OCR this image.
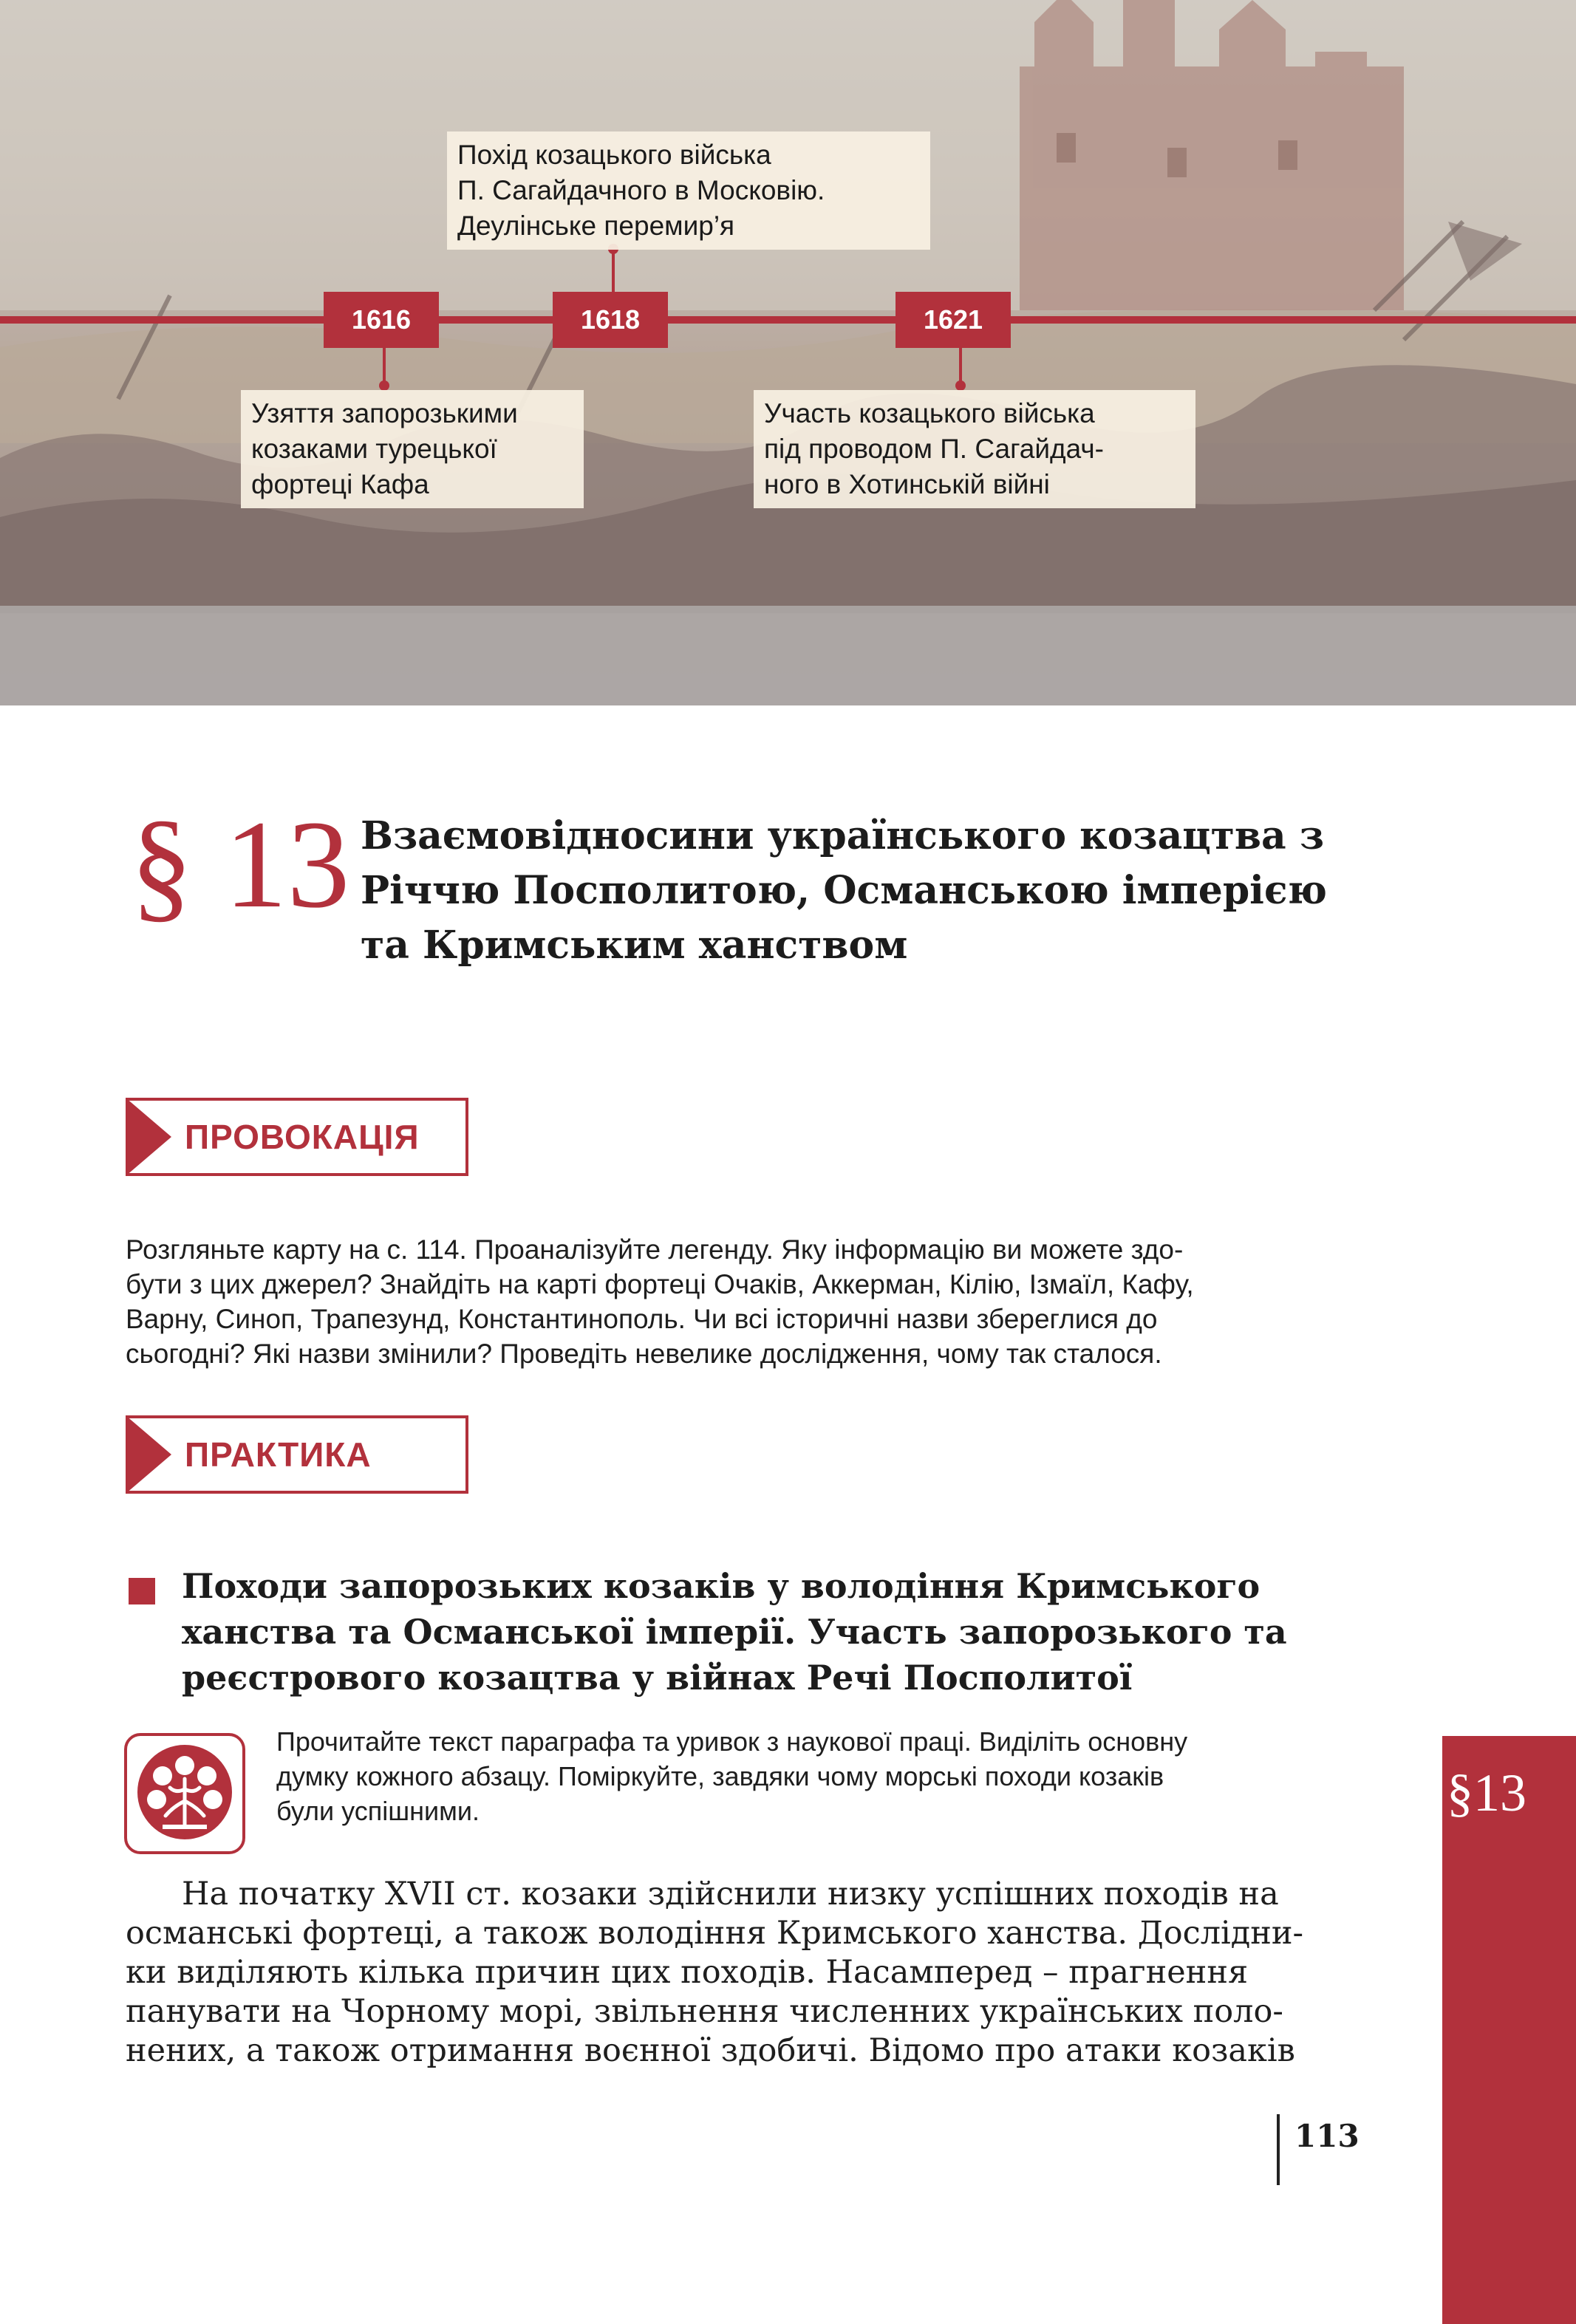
1616
Узяття запорозькими
козаками турецької
фортеці Кафа
1618
Похід козацького війська
П. Сагайдачного в Московію.
Деулінське перемир’я
1621
Участь козацького війська
під проводом П. Сагайдач-
ного в Хотинській війні
§ 13 Взаємовідносини українського козацтва з
Річчю Посполитою, Османською імперією
та Кримським ханством
ПРОВОКАЦІЯ
Розгляньте карту на с. 114. Проаналізуйте легенду. Яку інформацію ви можете здо-
бути з цих джерел? Знайдіть на карті фортеці Очаків, Аккерман, Кілію, Ізмаїл, Кафу,
Варну, Синоп, Трапезунд, Константинополь. Чи всі історичні назви збереглися до
сьогодні? Які назви змінили? Проведіть невелике дослідження, чому так сталося.
ПРАКТИКА
Походи запорозьких козаків у володіння Кримського
ханства та Османської імперії. Участь запорозького та
реєстрового козацтва у війнах Речі Посполитої
Прочитайте текст параграфа та уривок з наукової праці. Виділіть основну
думку кожного абзацу. Поміркуйте, завдяки чому морські походи козаків
були успішними.
На початку XVII ст. козаки здійснили низку успішних походів на
османські фортеці, а також володіння Кримського ханства. Дослідни-
ки виділяють кілька причин цих походів. Насамперед – прагнення
панувати на Чорному морі, звільнення численних українських поло-
нених, а також отримання воєнної здобичі. Відомо про атаки козаків
113
§13
